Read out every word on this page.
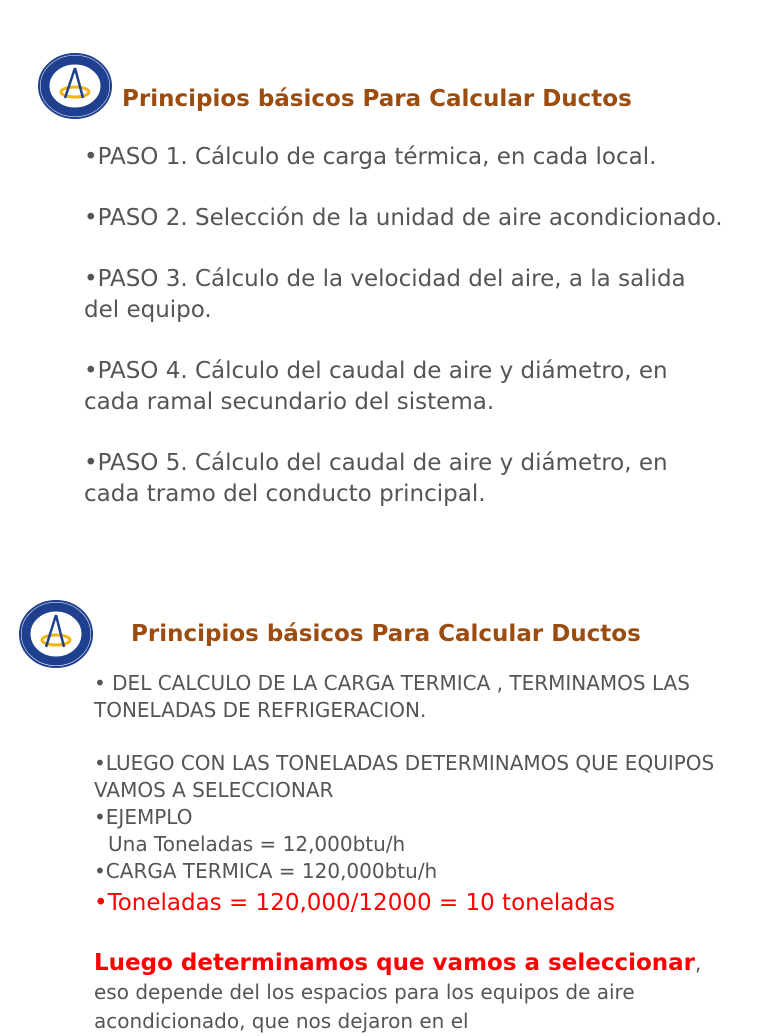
Principios básicos Para Calcular Ductos
•PASO 1. Cálculo de carga térmica, en cada local.
•PASO 2. Selección de la unidad de aire acondicionado.
•PASO 3. Cálculo de la velocidad del aire, a la salida del equipo.
•PASO 4. Cálculo del caudal de aire y diámetro, en cada ramal secundario del sistema.
•PASO 5. Cálculo del caudal de aire y diámetro, en cada tramo del conducto principal.
Principios básicos Para Calcular Ductos

• DEL CALCULO DE LA CARGA TERMICA , TERMINAMOS LAS TONELADAS DE REFRIGERACION.

•LUEGO CON LAS TONELADAS DETERMINAMOS QUE EQUIPOS VAMOS A SELECCIONAR

•EJEMPLO

Una Toneladas = 12,000btu/h

•CARGA TERMICA = 120,000btu/h

•Toneladas = 120,000/12000 = 10 toneladas

Luego determinamos que vamos a seleccionar, eso depende del los espacios para los equipos de aire acondicionado, que nos dejaron en el
